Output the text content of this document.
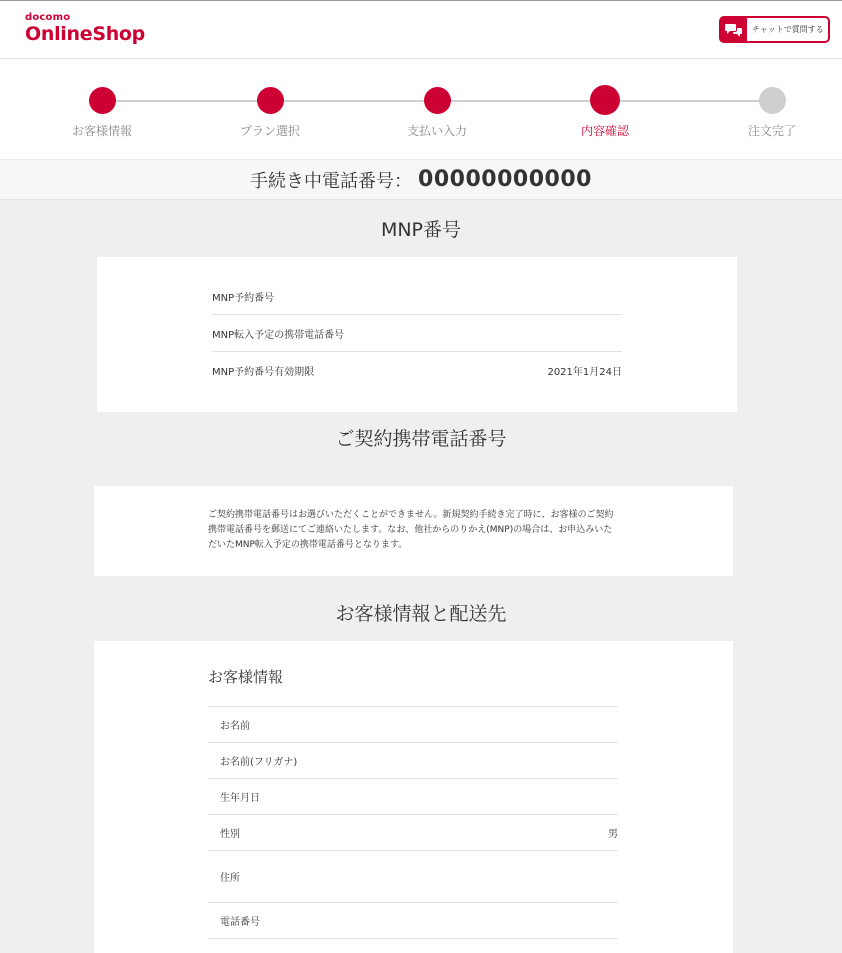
docomo
OnlineShop	チャットで質問する
お客様情報	プラン選択	支払い入力	内容確認	注文完了
手続き中電話番号： 00000000000
MNP番号
MNP予約番号
MNP転入予定の携帯電話番号
MNP予約番号有効期限	2021年1月24日
ご契約携帯電話番号
ご契約携帯電話番号はお選びいただくことができません。新規契約手続き完了時に、お客様のご契約携帯電話番号を郵送にてご連絡いたします。なお、他社からのりかえ(MNP)の場合は、お申込みいただいたMNP転入予定の携帯電話番号となります。
お客様情報と配送先
お客様情報
お名前
お名前(フリガナ)
生年月日
性別	男
住所
電話番号
